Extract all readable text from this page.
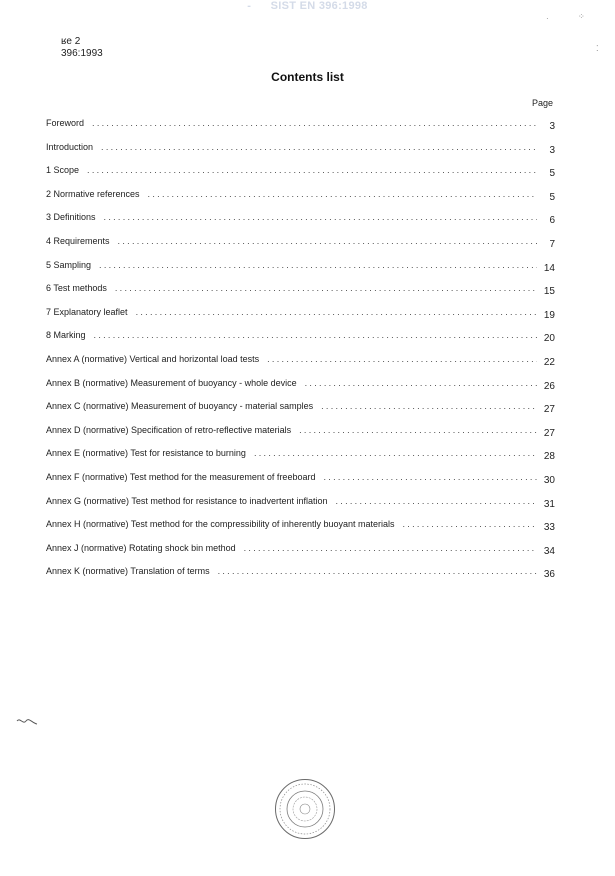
- SIST EN 396:1998
·	⁘
⁚
ʁe 2
396:1993
Contents list
Page
Foreword .....	3
Introduction .....	3
1 Scope .....	5
2 Normative references .....	5
3 Definitions .....	6
4 Requirements .....	7
5 Sampling .....	14
6 Test methods .....	15
7 Explanatory leaflet .....	19
8 Marking .....	20
Annex A (normative) Vertical and horizontal load tests .....	22
Annex B (normative) Measurement of buoyancy - whole device .....	26
Annex C (normative) Measurement of buoyancy - material samples .....	27
Annex D (normative) Specification of retro-reflective materials .....	27
Annex E (normative) Test for resistance to burning .....	28
Annex F (normative) Test method for the measurement of freeboard .....	30
Annex G (normative) Test method for resistance to inadvertent inflation .....	31
Annex H (normative) Test method for the compressibility of inherently buoyant materials .....	33
Annex J (normative) Rotating shock bin method .....	34
Annex K (normative) Translation of terms .....	36
